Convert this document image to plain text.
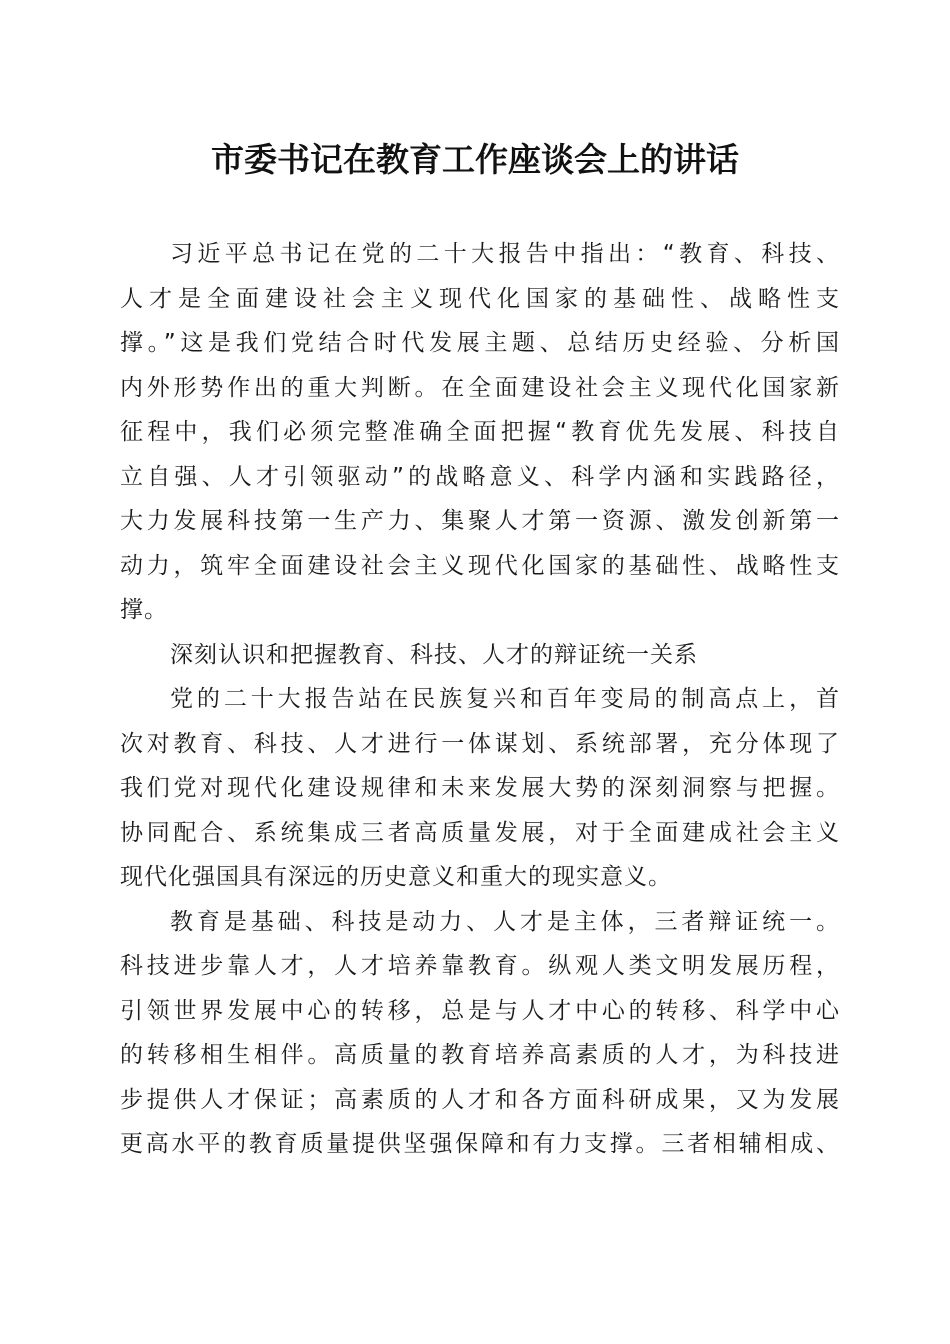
市委书记在教育工作座谈会上的讲话
习近平总书记在党的二十大报告中指出：“教育、科技、
人才是全面建设社会主义现代化国家的基础性、战略性支
撑。”这是我们党结合时代发展主题、总结历史经验、分析国
内外形势作出的重大判断。在全面建设社会主义现代化国家新
征程中，我们必须完整准确全面把握“教育优先发展、科技自
立自强、人才引领驱动”的战略意义、科学内涵和实践路径，
大力发展科技第一生产力、集聚人才第一资源、激发创新第一
动力，筑牢全面建设社会主义现代化国家的基础性、战略性支
撑。
深刻认识和把握教育、科技、人才的辩证统一关系
党的二十大报告站在民族复兴和百年变局的制高点上，首
次对教育、科技、人才进行一体谋划、系统部署，充分体现了
我们党对现代化建设规律和未来发展大势的深刻洞察与把握。
协同配合、系统集成三者高质量发展，对于全面建成社会主义
现代化强国具有深远的历史意义和重大的现实意义。
教育是基础、科技是动力、人才是主体，三者辩证统一。
科技进步靠人才，人才培养靠教育。纵观人类文明发展历程，
引领世界发展中心的转移，总是与人才中心的转移、科学中心
的转移相生相伴。高质量的教育培养高素质的人才，为科技进
步提供人才保证；高素质的人才和各方面科研成果，又为发展
更高水平的教育质量提供坚强保障和有力支撑。三者相辅相成、
